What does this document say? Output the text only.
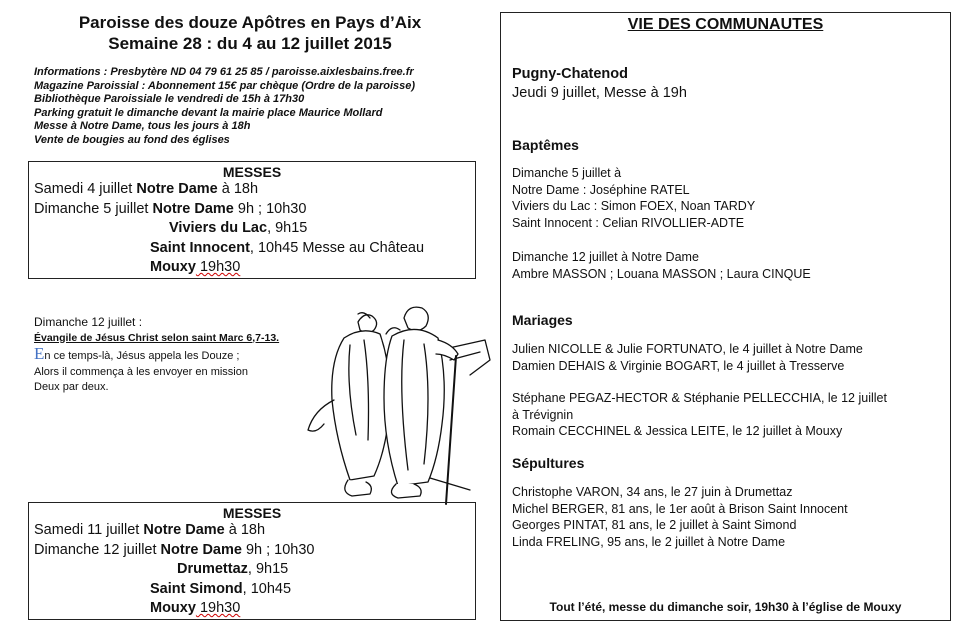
Paroisse des douze Apôtres en Pays d’Aix
Semaine 28 : du 4 au 12 juillet 2015
Informations : Presbytère ND 04 79 61 25 85 / paroisse.aixlesbains.free.fr
Magazine Paroissial : Abonnement 15€ par chèque (Ordre de la paroisse)
Bibliothèque Paroissiale le vendredi de 15h à 17h30
Parking gratuit le dimanche devant la mairie place Maurice Mollard
Messe à Notre Dame, tous les jours à 18h
Vente de bougies au fond des églises
MESSES
Samedi 4 juillet Notre Dame à 18h
Dimanche 5 juillet Notre Dame 9h ; 10h30
Viviers du Lac, 9h15
Saint Innocent, 10h45 Messe au Château
Mouxy 19h30
Dimanche 12 juillet :
Évangile de Jésus Christ selon saint Marc 6,7-13.
En ce temps-là, Jésus appela les Douze ;
Alors il commença à les envoyer en mission
Deux par deux.
MESSES
Samedi 11 juillet Notre Dame à 18h
Dimanche 12 juillet Notre Dame 9h ; 10h30
Drumettaz, 9h15
Saint Simond, 10h45
Mouxy 19h30
VIE DES COMMUNAUTES
Pugny-Chatenod
Jeudi 9 juillet, Messe à 19h
Baptêmes
Dimanche 5 juillet à
Notre Dame : Joséphine RATEL
Viviers du Lac : Simon FOEX, Noan TARDY
Saint Innocent : Celian RIVOLLIER-ADTE
Dimanche 12 juillet à Notre Dame
Ambre MASSON ; Louana MASSON ; Laura CINQUE
Mariages
Julien NICOLLE & Julie FORTUNATO, le 4 juillet à Notre Dame
Damien DEHAIS & Virginie BOGART, le 4 juillet à Tresserve
Stéphane PEGAZ-HECTOR & Stéphanie PELLECCHIA, le 12 juillet
à Trévignin
Romain CECCHINEL & Jessica LEITE, le 12 juillet à Mouxy
Sépultures
Christophe VARON, 34 ans, le 27 juin à Drumettaz
Michel BERGER, 81 ans, le 1er août à Brison Saint Innocent
Georges PINTAT, 81 ans, le 2 juillet à Saint Simond
Linda FRELING, 95 ans, le 2 juillet à Notre Dame
Tout l’été, messe du dimanche soir, 19h30 à l’église de Mouxy
